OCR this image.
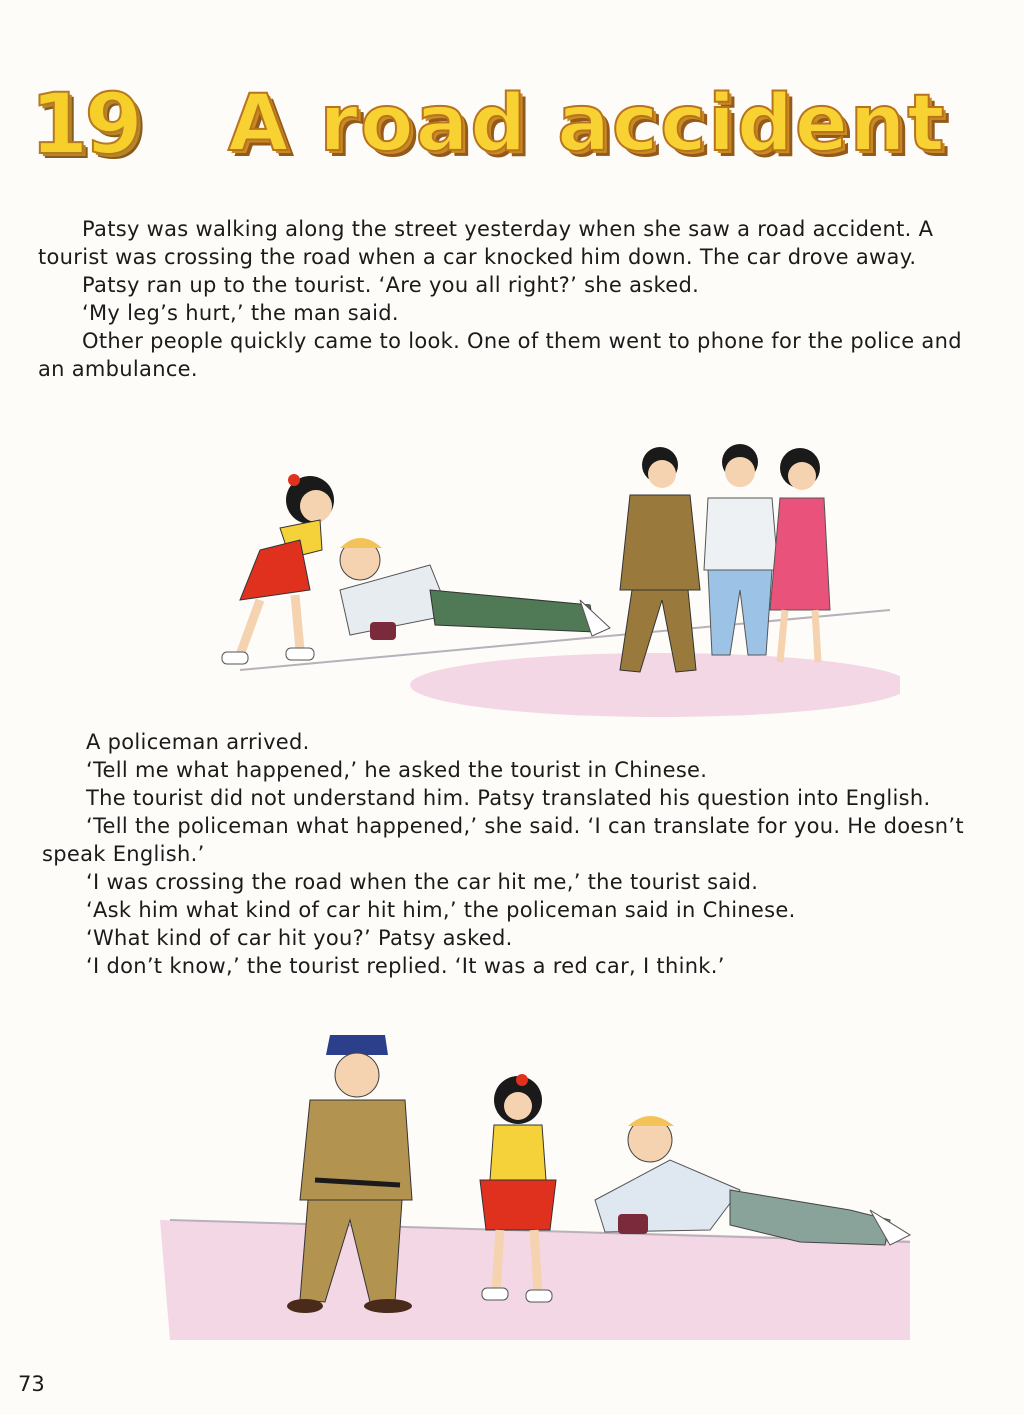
19 A road accident

Patsy was walking along the street yesterday when she saw a road accident. A tourist was crossing the road when a car knocked him down. The car drove away.

Patsy ran up to the tourist. ‘Are you all right?’ she asked.

‘My leg’s hurt,’ the man said.

Other people quickly came to look. One of them went to phone for the police and an ambulance.

A policeman arrived.

‘Tell me what happened,’ he asked the tourist in Chinese.

The tourist did not understand him. Patsy translated his question into English.

‘Tell the policeman what happened,’ she said. ‘I can translate for you. He doesn’t speak English.’

‘I was crossing the road when the car hit me,’ the tourist said.

‘Ask him what kind of car hit him,’ the policeman said in Chinese.

‘What kind of car hit you?’ Patsy asked.

‘I don’t know,’ the tourist replied. ‘It was a red car, I think.’

73
